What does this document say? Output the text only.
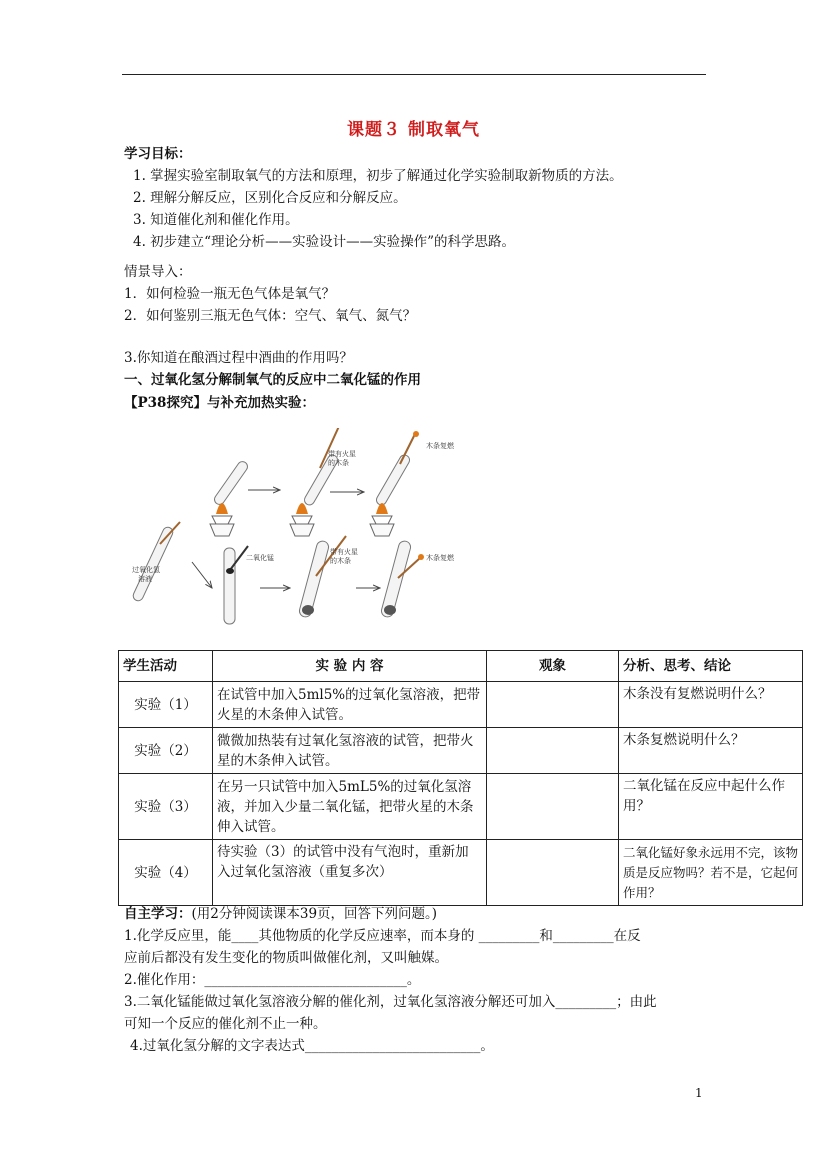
课题３ 制取氧气
学习目标：
1. 掌握实验室制取氧气的方法和原理，初步了解通过化学实验制取新物质的方法。
2. 理解分解反应，区别化合反应和分解反应。
3. 知道催化剂和催化作用。
4. 初步建立“理论分析——实验设计——实验操作”的科学思路。
情景导入：
1．如何检验一瓶无色气体是氧气？
2．如何鉴别三瓶无色气体：空气、氧气、氮气？
3.你知道在酿酒过程中酒曲的作用吗？
一、过氧化氢分解制氧气的反应中二氧化锰的作用
【P38探究】与补充加热实验：
带有火星的木条
木条复燃
过氧化氢溶液
二氧化锰
带有火星的木条	木条复燃
学生活动	实 验 内 容	观象	分析、思考、结论
实验（1）	在试管中加入5ml5%的过氧化氢溶液，把带火星的木条伸入试管。		木条没有复燃说明什么？
实验（2）	微微加热装有过氧化氢溶液的试管，把带火星的木条伸入试管。		木条复燃说明什么？
实验（3）	在另一只试管中加入5mL5%的过氧化氢溶液，并加入少量二氧化锰，把带火星的木条伸入试管。		二氧化锰在反应中起什么作用？
实验（4）	待实验（3）的试管中没有气泡时，重新加入过氧化氢溶液（重复多次）		二氧化锰好象永远用不完，该物质是反应物吗？若不是，它起何作用？
自主学习：(用2分钟阅读课本39页，回答下列问题。)
1.化学反应里，能____其他物质的化学反应速率，而本身的 _________和_________在反
应前后都没有发生变化的物质叫做催化剂，又叫触媒。
2.催化作用：______________________________。
3.二氧化锰能做过氧化氢溶液分解的催化剂，过氧化氢溶液分解还可加入_________；由此
可知一个反应的催化剂不止一种。
4.过氧化氢分解的文字表达式__________________________。
1
